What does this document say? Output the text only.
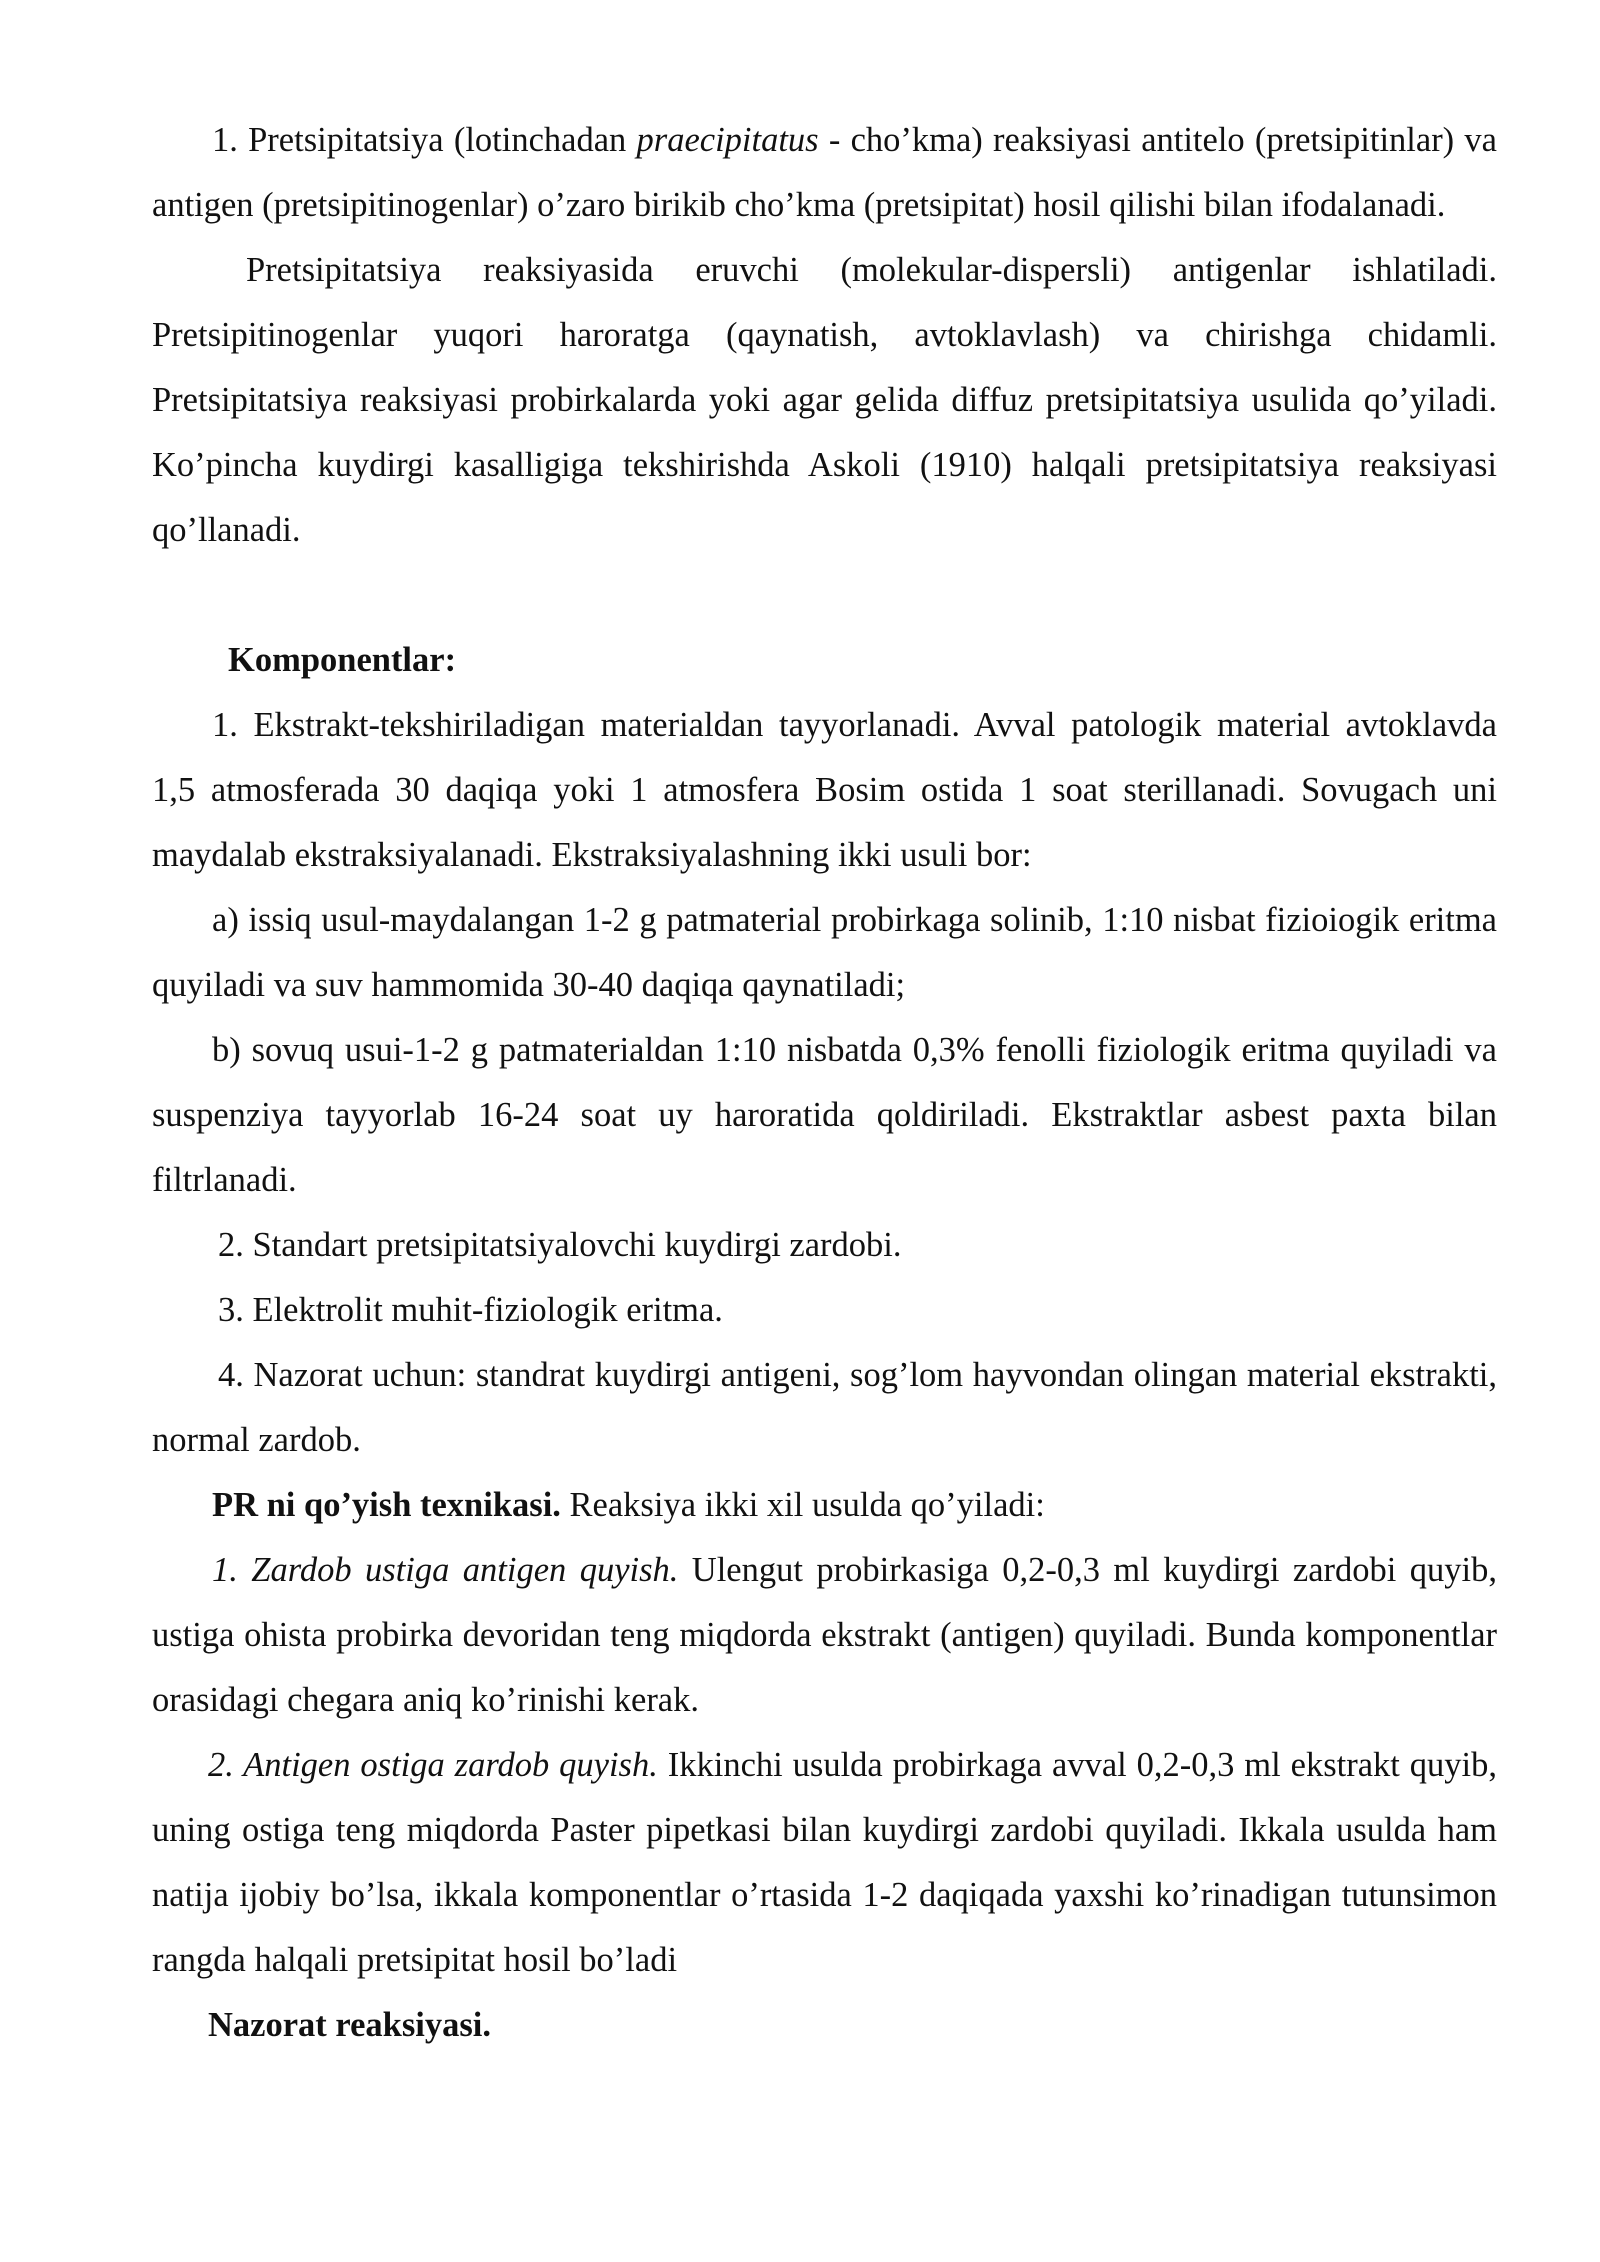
1. Pretsipitatsiya (lotinchadan praecipitatus - cho’kma) reaksiyasi antitelo (pretsipitinlar) va antigen (pretsipitinogenlar) o’zaro birikib cho’kma (pretsipitat) hosil qilishi bilan ifodalanadi.

Pretsipitatsiya reaksiyasida eruvchi (molekular-dispersli) antigenlar ishlatiladi. Pretsipitinogenlar yuqori haroratga (qaynatish, avtoklavlash) va chirishga chidamli. Pretsipitatsiya reaksiyasi probirkalarda yoki agar gelida diffuz pretsipitatsiya usulida qo’yiladi. Ko’pincha kuydirgi kasalligiga tekshirishda Askoli (1910) halqali pretsipitatsiya reaksiyasi qo’llanadi.

Komponentlar:

1. Ekstrakt-tekshiriladigan materialdan tayyorlanadi. Avval patologik material avtoklavda 1,5 atmosferada 30 daqiqa yoki 1 atmosfera Bosim ostida 1 soat sterillanadi. Sovugach uni maydalab ekstraksiyalanadi. Ekstraksiyalashning ikki usuli bor:

a) issiq usul-maydalangan 1-2 g patmaterial probirkaga solinib, 1:10 nisbat fizioiogik eritma quyiladi va suv hammomida 30-40 daqiqa qaynatiladi;

b) sovuq usui-1-2 g patmaterialdan 1:10 nisbatda 0,3% fenolli fiziologik eritma quyiladi va suspenziya tayyorlab 16-24 soat uy haroratida qoldiriladi. Ekstraktlar asbest paxta bilan filtrlanadi.

2. Standart pretsipitatsiyalovchi kuydirgi zardobi.

3. Elektrolit muhit-fiziologik eritma.

4. Nazorat uchun: standrat kuydirgi antigeni, sog’lom hayvondan olingan material ekstrakti, normal zardob.

PR ni qo’yish texnikasi. Reaksiya ikki xil usulda qo’yiladi:

1. Zardob ustiga antigen quyish. Ulengut probirkasiga 0,2-0,3 ml kuydirgi zardobi quyib, ustiga ohista probirka devoridan teng miqdorda ekstrakt (antigen) quyiladi. Bunda komponentlar orasidagi chegara aniq ko’rinishi kerak.

2. Antigen ostiga zardob quyish. Ikkinchi usulda probirkaga avval 0,2-0,3 ml ekstrakt quyib, uning ostiga teng miqdorda Paster pipetkasi bilan kuydirgi zardobi quyiladi. Ikkala usulda ham natija ijobiy bo’lsa, ikkala komponentlar o’rtasida 1-2 daqiqada yaxshi ko’rinadigan tutunsimon rangda halqali pretsipitat hosil bo’ladi

Nazorat reaksiyasi.
